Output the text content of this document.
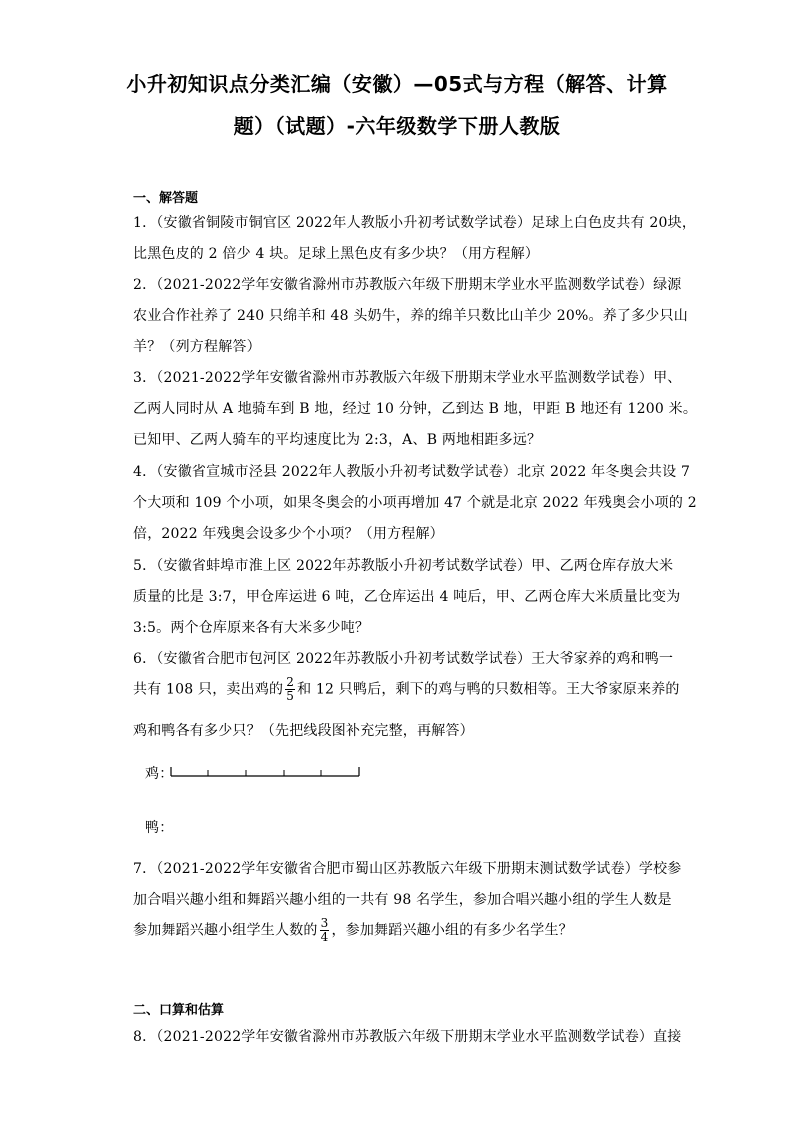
小升初知识点分类汇编（安徽）—05式与方程（解答、计算
题）（试题）-六年级数学下册人教版
一、解答题
1．（安徽省铜陵市铜官区 2022年人教版小升初考试数学试卷）足球上白色皮共有 20块，
比黑色皮的 2 倍少 4 块。足球上黑色皮有多少块？（用方程解）
2．（2021-2022学年安徽省滁州市苏教版六年级下册期末学业水平监测数学试卷）绿源
农业合作社养了 240 只绵羊和 48 头奶牛，养的绵羊只数比山羊少 20%。养了多少只山
羊？（列方程解答）
3．（2021-2022学年安徽省滁州市苏教版六年级下册期末学业水平监测数学试卷）甲、
乙两人同时从 A 地骑车到 B 地，经过 10 分钟，乙到达 B 地，甲距 B 地还有 1200 米。
已知甲、乙两人骑车的平均速度比为 2:3，A、B 两地相距多远？
4．（安徽省宣城市泾县 2022年人教版小升初考试数学试卷）北京 2022 年冬奥会共设 7
个大项和 109 个小项，如果冬奥会的小项再增加 47 个就是北京 2022 年残奥会小项的 2
倍，2022 年残奥会设多少个小项？（用方程解）
5．（安徽省蚌埠市淮上区 2022年苏教版小升初考试数学试卷）甲、乙两仓库存放大米
质量的比是 3:7，甲仓库运进 6 吨，乙仓库运出 4 吨后，甲、乙两仓库大米质量比变为
3:5。两个仓库原来各有大米多少吨？
6．（安徽省合肥市包河区 2022年苏教版小升初考试数学试卷）王大爷家养的鸡和鸭一
共有 108 只，卖出鸡的 $\frac{2}{5}$ 和 12 只鸭后，剩下的鸡与鸭的只数相等。王大爷家原来养的
鸡和鸭各有多少只？（先把线段图补充完整，再解答）
鸡：
鸭：
7．（2021-2022学年安徽省合肥市蜀山区苏教版六年级下册期末测试数学试卷）学校参
加合唱兴趣小组和舞蹈兴趣小组的一共有 98 名学生，参加合唱兴趣小组的学生人数是
参加舞蹈兴趣小组学生人数的 $\frac{3}{4}$ ，参加舞蹈兴趣小组的有多少名学生？
二、口算和估算
8．（2021-2022学年安徽省滁州市苏教版六年级下册期末学业水平监测数学试卷）直接
